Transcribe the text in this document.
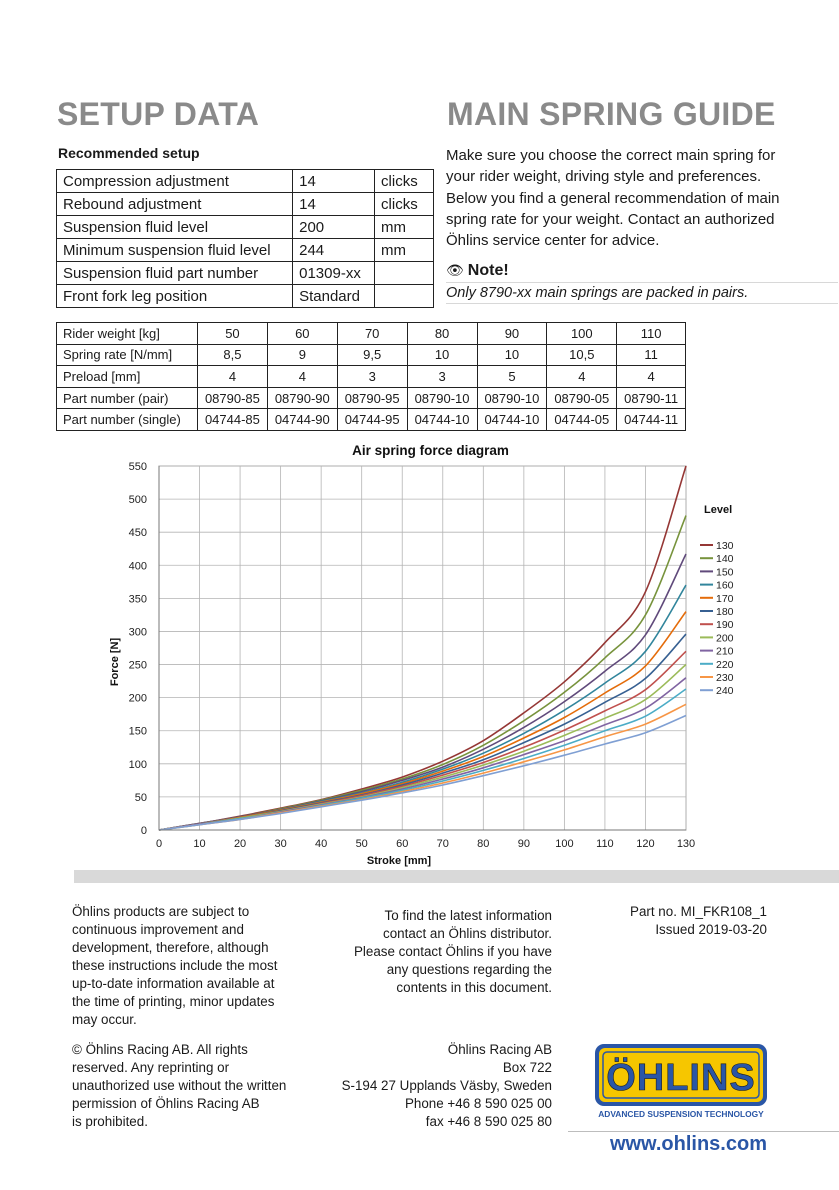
SETUP DATA	MAIN SPRING GUIDE
Recommended setup
Compression adjustment	14	clicks
Rebound adjustment	14	clicks
Suspension fluid level	200	mm
Minimum suspension fluid level	244	mm
Suspension fluid part number	01309-xx	
Front fork leg position	Standard	
Make sure you choose the correct main spring for your rider weight, driving style and preferences. Below you find a general recommendation of main spring rate for your weight. Contact an authorized Öhlins service center for advice.
👁 Note!
Only 8790-xx main springs are packed in pairs.
Rider weight [kg]	50	60	70	80	90	100	110
Spring rate [N/mm]	8,5	9	9,5	10	10	10,5	11
Preload [mm]	4	4	3	3	5	4	4
Part number (pair)	08790-85	08790-90	08790-95	08790-10	08790-10	08790-05	08790-11
Part number (single)	04744-85	04744-90	04744-95	04744-10	04744-10	04744-05	04744-11
0	10	20	30	40	50	60	70	80	90 100 110 120 130
0
50
100
150
200
250
300
350
400
450
500
550
Air spring force diagram
Stroke [mm]
Force [N]
Level
130
140
150
160
170
180
190
200
210
220
230
240
Öhlins products are subject to
continuous improvement and
development, therefore, although
these instructions include the most
up-to-date information available at
the time of printing, minor updates
may occur.
© Öhlins Racing AB. All rights
reserved. Any reprinting or
unauthorized use without the written
permission of Öhlins Racing AB
is prohibited.
To find the latest information
contact an Öhlins distributor.
Please contact Öhlins if you have
any questions regarding the
contents in this document.
Öhlins Racing AB
Box 722
S-194 27 Upplands Väsby, Sweden
Phone +46 8 590 025 00
fax +46 8 590 025 80
Part no. MI_FKR108_1
Issued 2019-03-20
ÖHLINS
ADVANCED SUSPENSION TECHNOLOGY
www.ohlins.com
